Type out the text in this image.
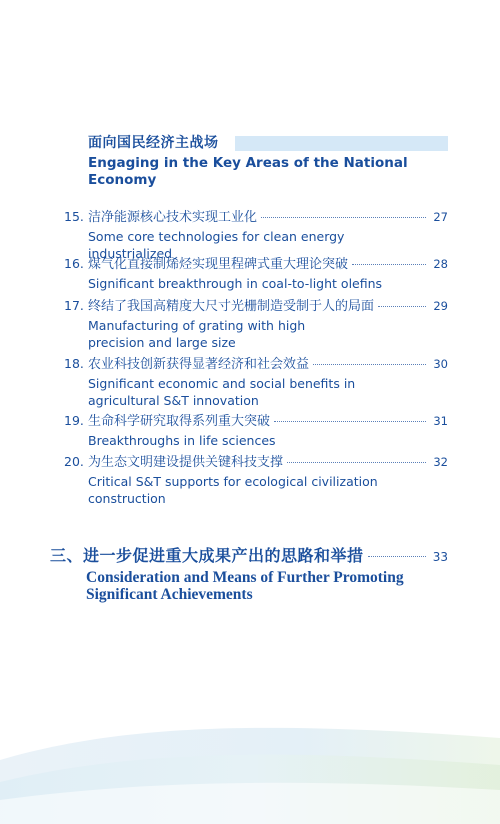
面向国民经济主战场
Engaging in the Key Areas of the National Economy
15. 洁净能源核心技术实现工业化	27
Some core technologies for clean energy industrialized
16. 煤气化直接制烯烃实现里程碑式重大理论突破	28
Significant breakthrough in coal-to-light olefins
17. 终结了我国高精度大尺寸光栅制造受制于人的局面	29
Manufacturing of grating with high precision and large size
18. 农业科技创新获得显著经济和社会效益	30
Significant economic and social benefits in agricultural S&T innovation
19. 生命科学研究取得系列重大突破	31
Breakthroughs in life sciences
20. 为生态文明建设提供关键科技支撑	32
Critical S&T supports for ecological civilization construction
三、进一步促进重大成果产出的思路和举措	33
Consideration and Means of Further Promoting Significant Achievements
